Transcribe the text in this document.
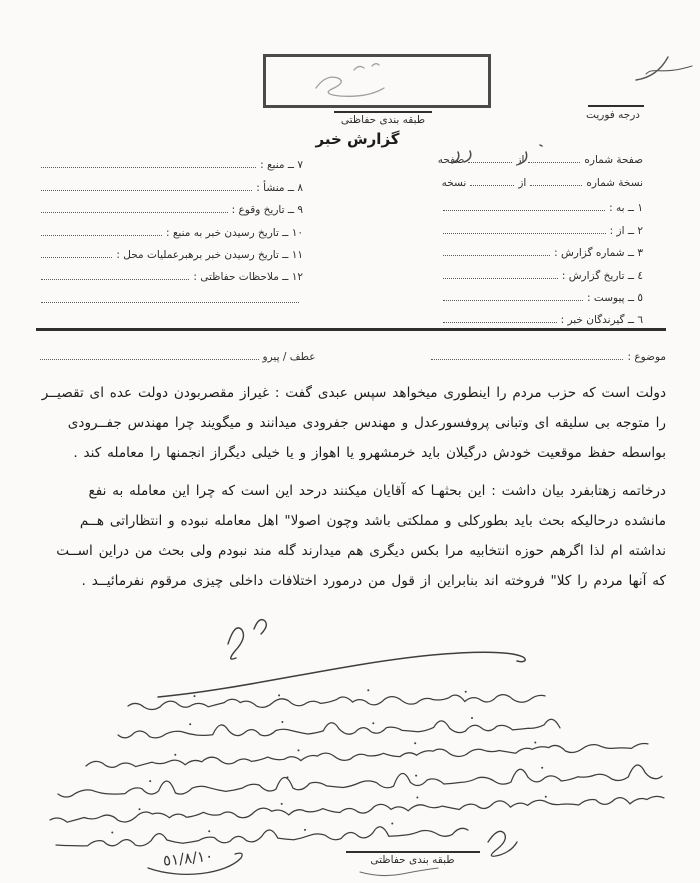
طبقه بندی حفاظتی
گزارش خبر
درجه فوریت
صفحة شماره
از
صفحه
نسخة شماره
از
نسخه
١ ــ به :
٢ ــ از :
٣ ــ شماره گزارش :
٤ ــ تاریخ گزارش :
٥ ــ پیوست :
٦ ــ گیرندگان خبر :
٧ ــ منبع :
٨ ــ منشأ :
٩ ــ تاریخ وقوع :
١٠ ــ تاریخ رسیدن خبر به منبع :
١١ ــ تاریخ رسیدن خبر برهبرعملیات محل :
١٢ ــ ملاحظات حفاظتی :
موضوع :
عطف / پیرو
دولت است که حزب مردم را اینطوری میخواهد سپس عبدی گفت : غیراز مقصربودن دولت عده ای تقصیــر
را متوجه بی سلیقه ای وتبانی پروفسورعدل و مهندس جفرودی میدانند و میگویند چرا مهندس جفــرودی
بواسطه حفظ موقعیت خودش درگیلان باید خرمشهرو یا اهواز و یا خیلی دیگراز انجمنها را معامله کند .
درخاتمه زهتابفرد بیان داشت : این بحثهـا که آقایان میکنند درحد این است که چرا این معامله به نفع
مانشده درحالیکه بحث باید بطورکلی و مملکتی باشد وچون اصولا" اهل معامله نبوده و انتظاراتی هــم
نداشته ام لذا اگرهم حوزه انتخابیه مرا بکس دیگری هم میدارند گله مند نبودم ولی بحث من دراین اســت
که آنها مردم را کلا" فروخته اند بنابراین از قول من درمورد اختلافات داخلی چیزی مرقوم نفرمائیــد .
طبقه بندی حفاظتی
٥١/٨/١٠
